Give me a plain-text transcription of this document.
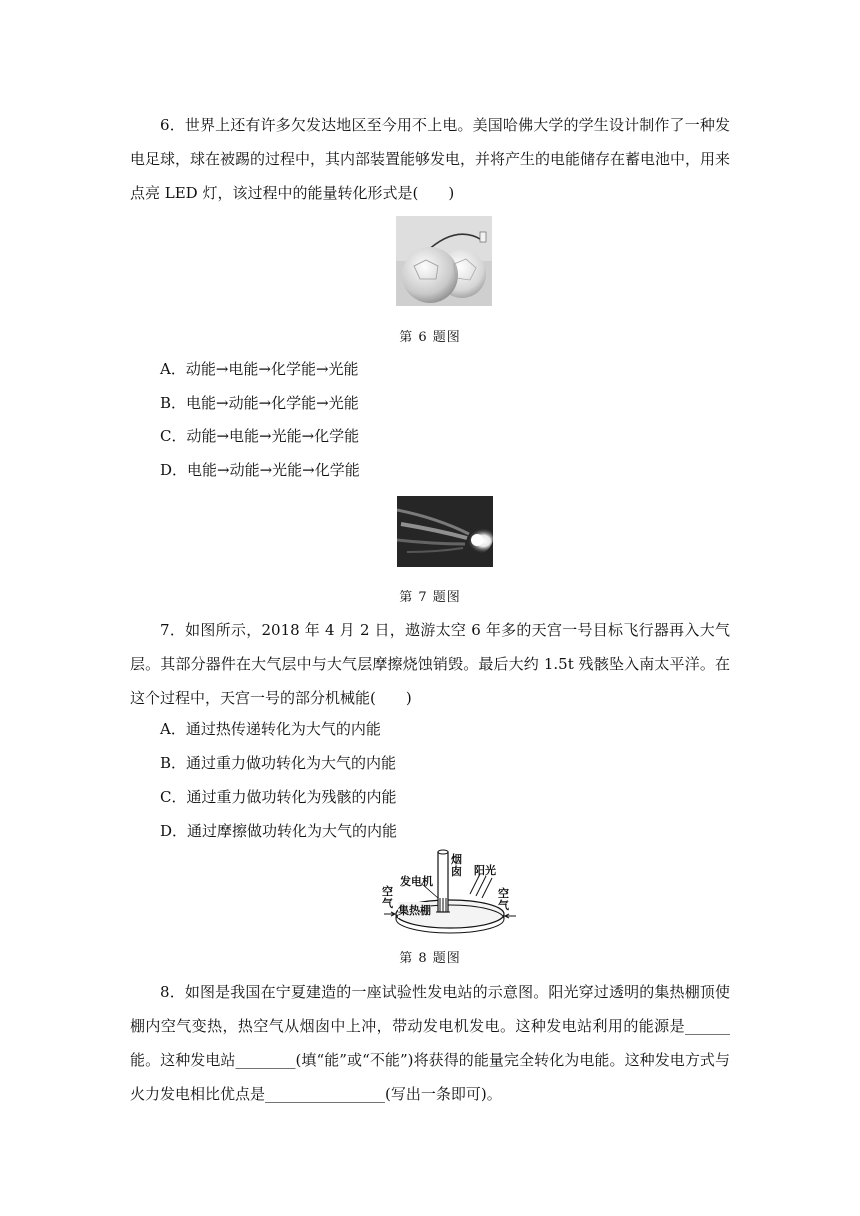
6．世界上还有许多欠发达地区至今用不上电。美国哈佛大学的学生设计制作了一种发电足球，球在被踢的过程中，其内部装置能够发电，并将产生的电能储存在蓄电池中，用来点亮 LED 灯，该过程中的能量转化形式是(　　)

第 6 题图

A．动能→电能→化学能→光能

B．电能→动能→化学能→光能

C．动能→电能→光能→化学能

D．电能→动能→光能→化学能

第 7 题图

7．如图所示，2018 年 4 月 2 日，遨游太空 6 年多的天宫一号目标飞行器再入大气层。其部分器件在大气层中与大气层摩擦烧蚀销毁。最后大约 1.5t 残骸坠入南太平洋。在这个过程中，天宫一号的部分机械能(　　)

A．通过热传递转化为大气的内能

B．通过重力做功转化为大气的内能

C．通过重力做功转化为残骸的内能

D．通过摩擦做功转化为大气的内能

烟
囱
发电机
阳光
空
气
空
气
集热棚

第 8 题图

8．如图是我国在宁夏建造的一座试验性发电站的示意图。阳光穿过透明的集热棚顶使棚内空气变热，热空气从烟囱中上冲，带动发电机发电。这种发电站利用的能源是______能。这种发电站________(填“能”或“不能”)将获得的能量完全转化为电能。这种发电方式与火力发电相比优点是________________(写出一条即可)。
